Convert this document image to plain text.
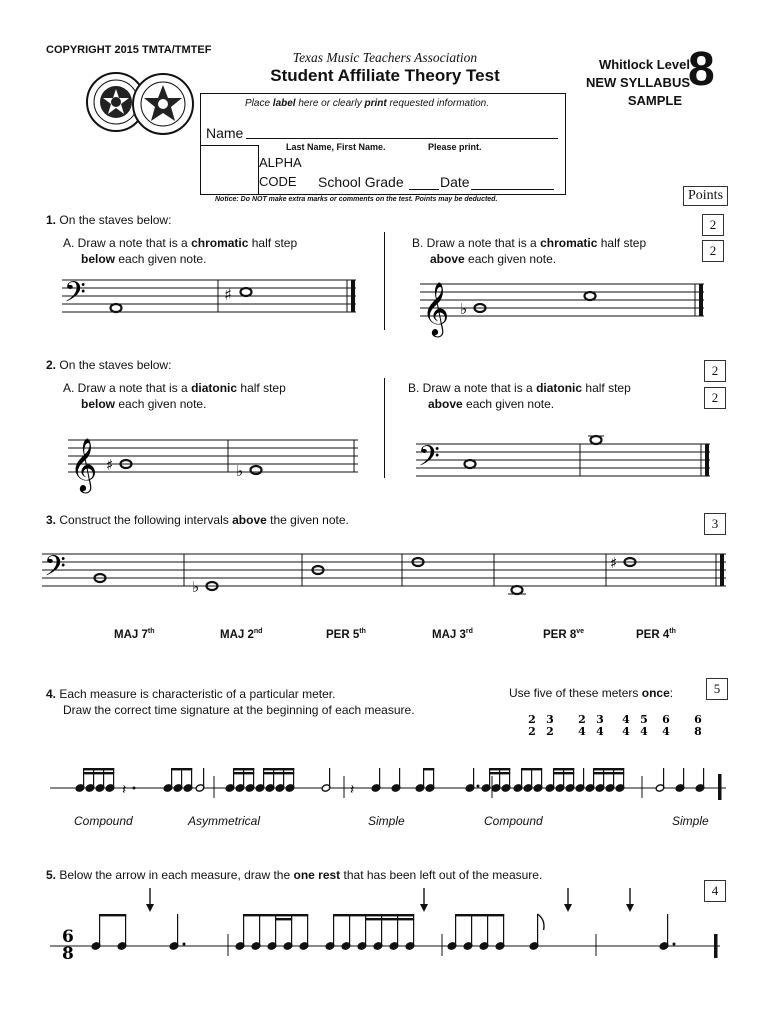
COPYRIGHT 2015 TMTA/TMTEF	Texas Music Teachers Association
Student Affiliate Theory Test
Whitlock Level
NEW SYLLABUS
SAMPLE
8
Place label here or clearly print requested information.
Name
Last Name, First Name.	Please print.
ALPHA
CODE School Grade	Date
Notice: Do NOT make extra marks or comments on the test. Points may be deducted.	Points
1. On the staves below:
A. Draw a note that is a chromatic half step
below each given note.
B. Draw a note that is a chromatic half step
above each given note.
2
2
𝄢	♯	𝄞 ♭
2. On the staves below:
A. Draw a note that is a diatonic half step
below each given note.
B. Draw a note that is a diatonic half step
above each given note.
2
2
𝄞 ♯	♭	𝄢
3. Construct the following intervals above the given note.	3
𝄢	♭
♯
MAJ 7th	MAJ 2nd	PER 5th	MAJ 3rd	PER $8^{ve}$	PER 4th
4. Each measure is characteristic of a particular meter.
Draw the correct time signature at the beginning of each measure.
Use five of these meters once:	5
2
2
3
2
2
4
3
4
4
4
5
4
6
4
6
8
𝄽	𝄽
Compound	Asymmetrical	Simple	Compound	Simple
5. Below the arrow in each measure, draw the one rest that has been left out of the measure.
4
6
8
